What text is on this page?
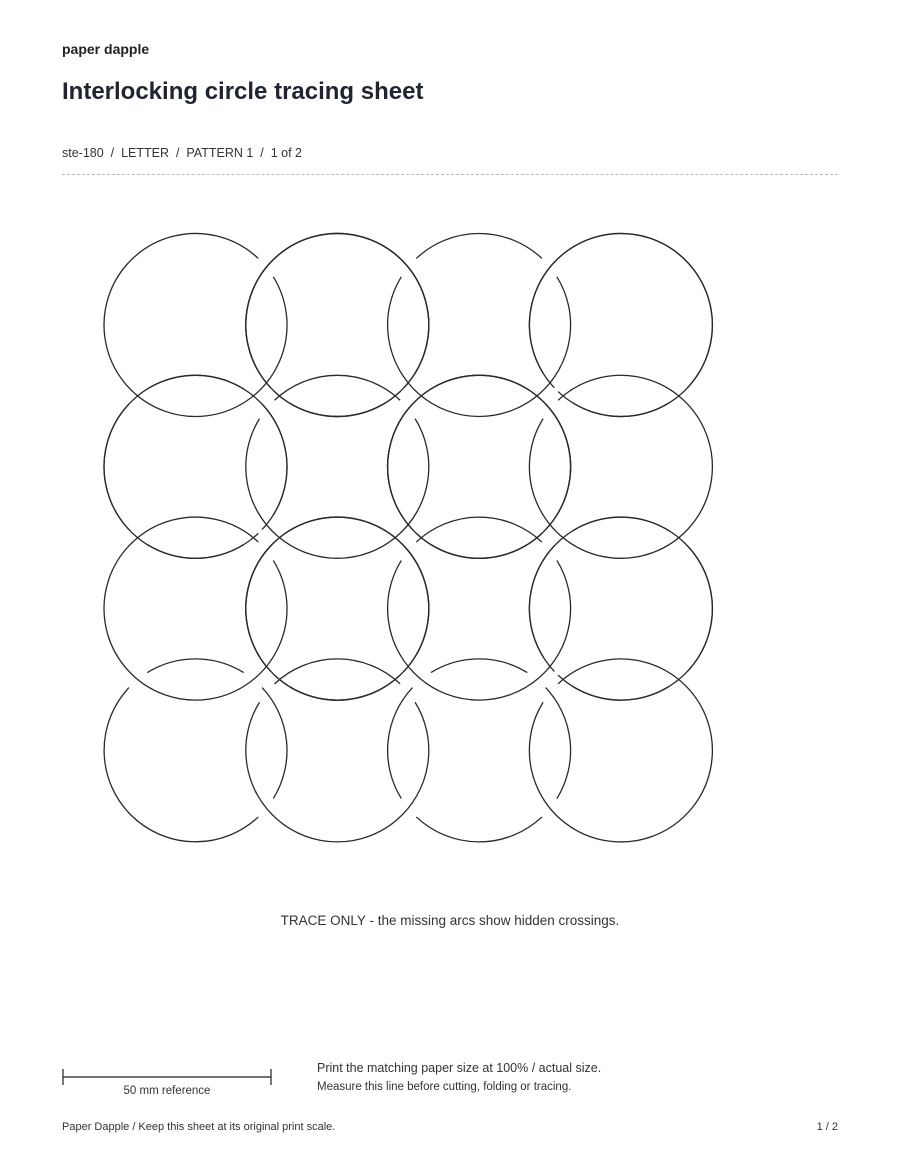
paper dapple
Interlocking circle tracing sheet
ste-180  /  LETTER  /  PATTERN 1  /  1 of 2
TRACE ONLY - the missing arcs show hidden crossings.
50 mm reference
Print the matching paper size at 100% / actual size.
Measure this line before cutting, folding or tracing.
Paper Dapple / Keep this sheet at its original print scale.	1 / 2
